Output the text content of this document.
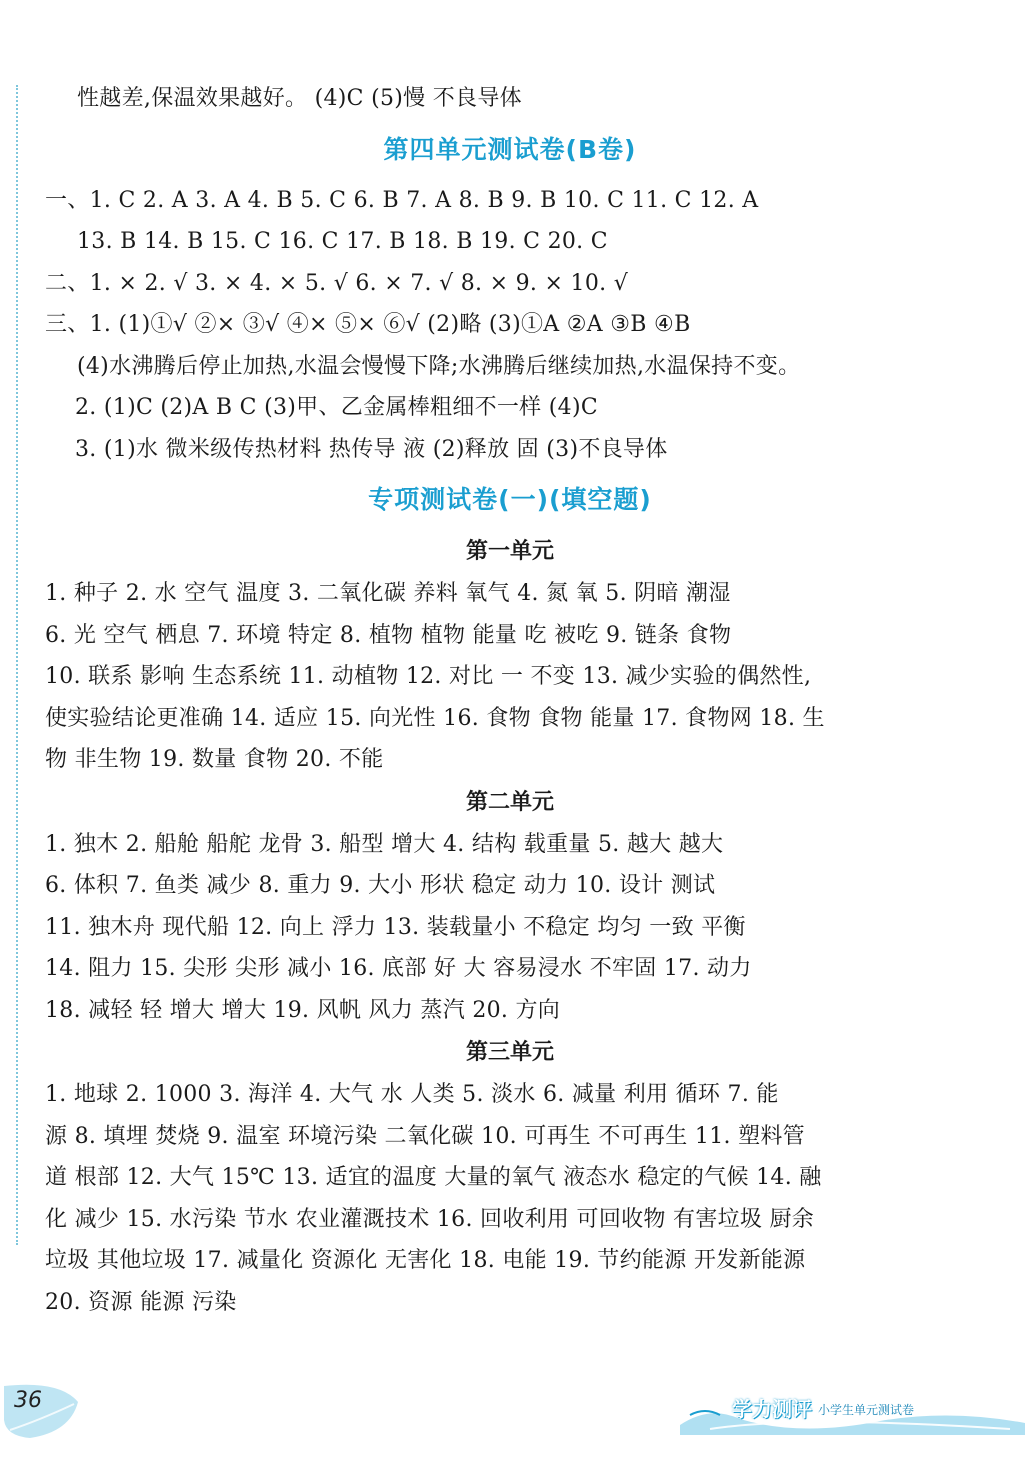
性越差,保温效果越好。 (4)C (5)慢 不良导体
第四单元测试卷(B卷)
一、1. C 2. A 3. A 4. B 5. C 6. B 7. A 8. B 9. B 10. C 11. C 12. A
13. B 14. B 15. C 16. C 17. B 18. B 19. C 20. C
二、1. × 2. √ 3. × 4. × 5. √ 6. × 7. √ 8. × 9. × 10. √
三、1. (1)①√ ②× ③√ ④× ⑤× ⑥√ (2)略 (3)①A ②A ③B ④B
(4)水沸腾后停止加热,水温会慢慢下降;水沸腾后继续加热,水温保持不变。
2. (1)C (2)A B C (3)甲、乙金属棒粗细不一样 (4)C
3. (1)水 微米级传热材料 热传导 液 (2)释放 固 (3)不良导体
专项测试卷(一)(填空题)
第一单元
1. 种子 2. 水 空气 温度 3. 二氧化碳 养料 氧气 4. 氮 氧 5. 阴暗 潮湿
6. 光 空气 栖息 7. 环境 特定 8. 植物 植物 能量 吃 被吃 9. 链条 食物
10. 联系 影响 生态系统 11. 动植物 12. 对比 一 不变 13. 减少实验的偶然性,
使实验结论更准确 14. 适应 15. 向光性 16. 食物 食物 能量 17. 食物网 18. 生
物 非生物 19. 数量 食物 20. 不能
第二单元
1. 独木 2. 船舱 船舵 龙骨 3. 船型 增大 4. 结构 载重量 5. 越大 越大
6. 体积 7. 鱼类 减少 8. 重力 9. 大小 形状 稳定 动力 10. 设计 测试
11. 独木舟 现代船 12. 向上 浮力 13. 装载量小 不稳定 均匀 一致 平衡
14. 阻力 15. 尖形 尖形 减小 16. 底部 好 大 容易浸水 不牢固 17. 动力
18. 减轻 轻 增大 增大 19. 风帆 风力 蒸汽 20. 方向
第三单元
1. 地球 2. 1000 3. 海洋 4. 大气 水 人类 5. 淡水 6. 减量 利用 循环 7. 能
源 8. 填埋 焚烧 9. 温室 环境污染 二氧化碳 10. 可再生 不可再生 11. 塑料管
道 根部 12. 大气 15℃ 13. 适宜的温度 大量的氧气 液态水 稳定的气候 14. 融
化 减少 15. 水污染 节水 农业灌溉技术 16. 回收利用 可回收物 有害垃圾 厨余
垃圾 其他垃圾 17. 减量化 资源化 无害化 18. 电能 19. 节约能源 开发新能源
20. 资源 能源 污染
36	学力测评 小学生单元测试卷
